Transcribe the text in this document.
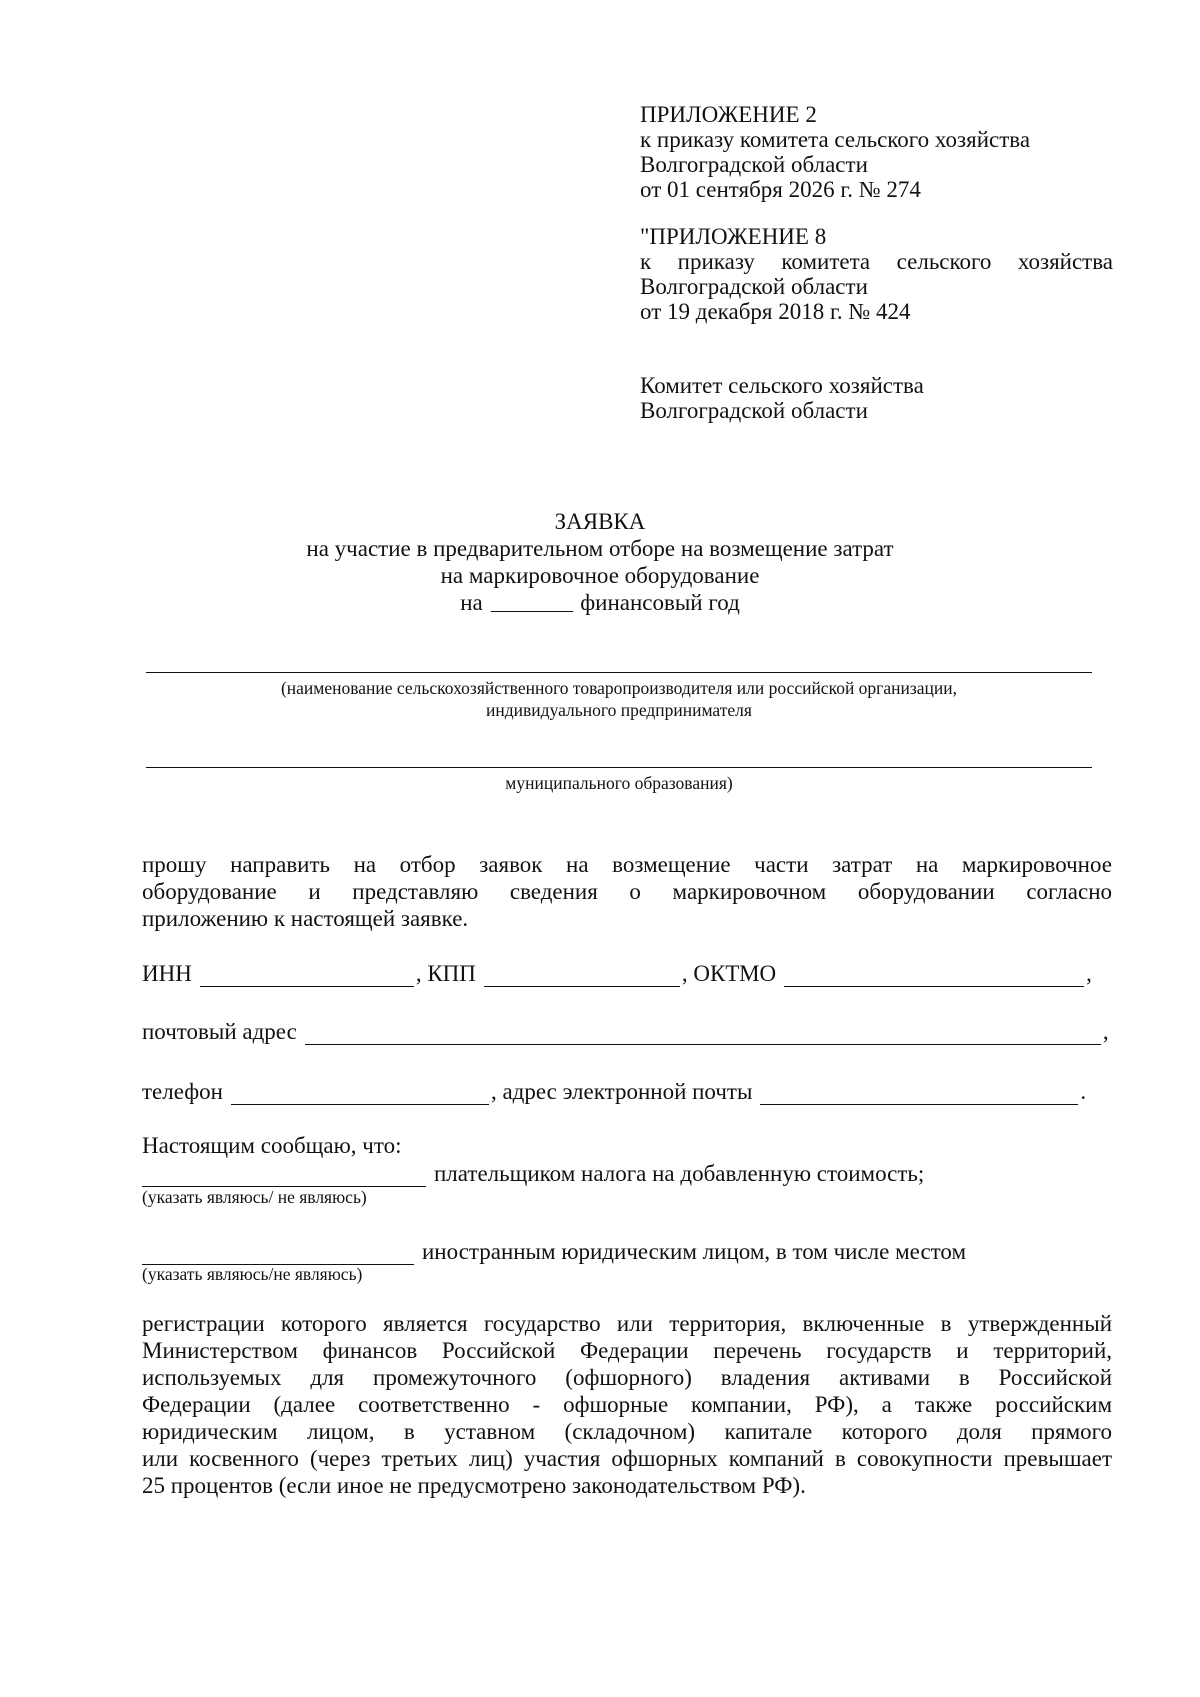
ПРИЛОЖЕНИЕ 2
к приказу комитета сельского хозяйства
Волгоградской области
от 01 сентября 2026 г. № 274
"ПРИЛОЖЕНИЕ 8
к приказу комитета сельского хозяйства
Волгоградской области
от 19 декабря 2018 г. № 424
Комитет сельского хозяйства
Волгоградской области
ЗАЯВКА
на участие в предварительном отборе на возмещение затрат
на маркировочное оборудование
на	финансовый год
(наименование сельскохозяйственного товаропроизводителя или российской организации,
индивидуального предпринимателя
муниципального образования)
прошу направить на отбор заявок на возмещение части затрат на маркировочное
оборудование и представляю сведения о маркировочном оборудовании согласно
приложению к настоящей заявке.
ИНН	, КПП	, ОКТМО	,
почтовый адрес	,
телефон	, адрес электронной почты	.
Настоящим сообщаю, что:
плательщиком налога на добавленную стоимость;
(указать являюсь/ не являюсь)
иностранным юридическим лицом, в том числе местом
(указать являюсь/не являюсь)
регистрации которого является государство или территория, включенные в утвержденный
Министерством финансов Российской Федерации перечень государств и территорий,
используемых для промежуточного (офшорного) владения активами в Российской
Федерации (далее соответственно - офшорные компании, РФ), а также российским
юридическим лицом, в уставном (складочном) капитале которого доля прямого
или косвенного (через третьих лиц) участия офшорных компаний в совокупности превышает
25 процентов (если иное не предусмотрено законодательством РФ).
